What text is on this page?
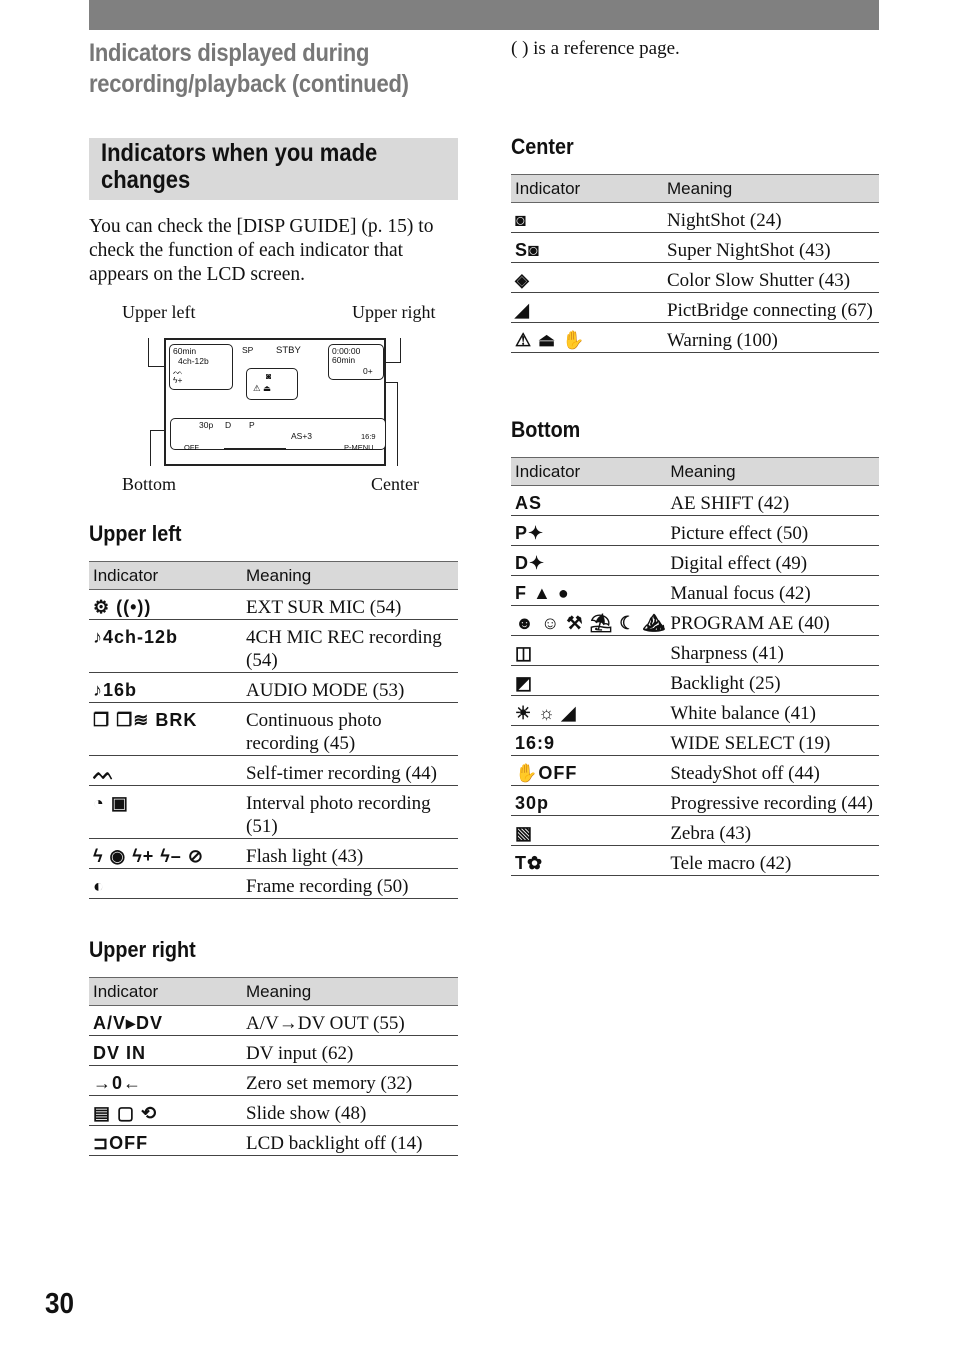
Indicators displayed during recording/playback (continued)
( ) is a reference page.
Indicators when you made changes
You can check the [DISP GUIDE] (p. 15) to check the function of each indicator that appears on the LCD screen.
Upper left	Upper right
Bottom	Center
60min
4ch-12b
ᨓ
ϟ+
SP STBY	0:00:00
60min
0+
◙
⚠ ⏏
30p D P
AS+3	16:9
OFF	P-MENU
Upper left
Indicator	Meaning
⚙ ((•))	EXT SUR MIC (54)
♪4ch-12b	4CH MIC REC recording (54)
♪16b	AUDIO MODE (53)
❐ ❐≋ BRK	Continuous photo recording (45)
ᨓ	Self-timer recording (44)
◔ ▣	Interval photo recording (51)
ϟ ◉ ϟ+ ϟ– ⊘	Flash light (43)
◐	Frame recording (50)
Upper right
Indicator	Meaning
A/V▸DV	A/V→DV OUT (55)
DV IN	DV input (62)
→0←	Zero set memory (32)
▤ ▢ ⟲	Slide show (48)
⊐OFF	LCD backlight off (14)
Center
Indicator	Meaning
◙	NightShot (24)
S◙	Super NightShot (43)
◈	Color Slow Shutter (43)
◢	PictBridge connecting (67)
⚠ ⏏ ✋	Warning (100)
Bottom
Indicator	Meaning
AS	AE SHIFT (42)
P✦	Picture effect (50)
D✦	Digital effect (49)
F ▲ ●	Manual focus (42)
☻ ☺ ⚒ ⛱ ☾ ⛰	PROGRAM AE (40)
◫	Sharpness (41)
◩	Backlight (25)
☀ ☼ ◢	White balance (41)
16:9	WIDE SELECT (19)
✋OFF	SteadyShot off (44)
30p	Progressive recording (44)
▧	Zebra (43)
T✿	Tele macro (42)
30
